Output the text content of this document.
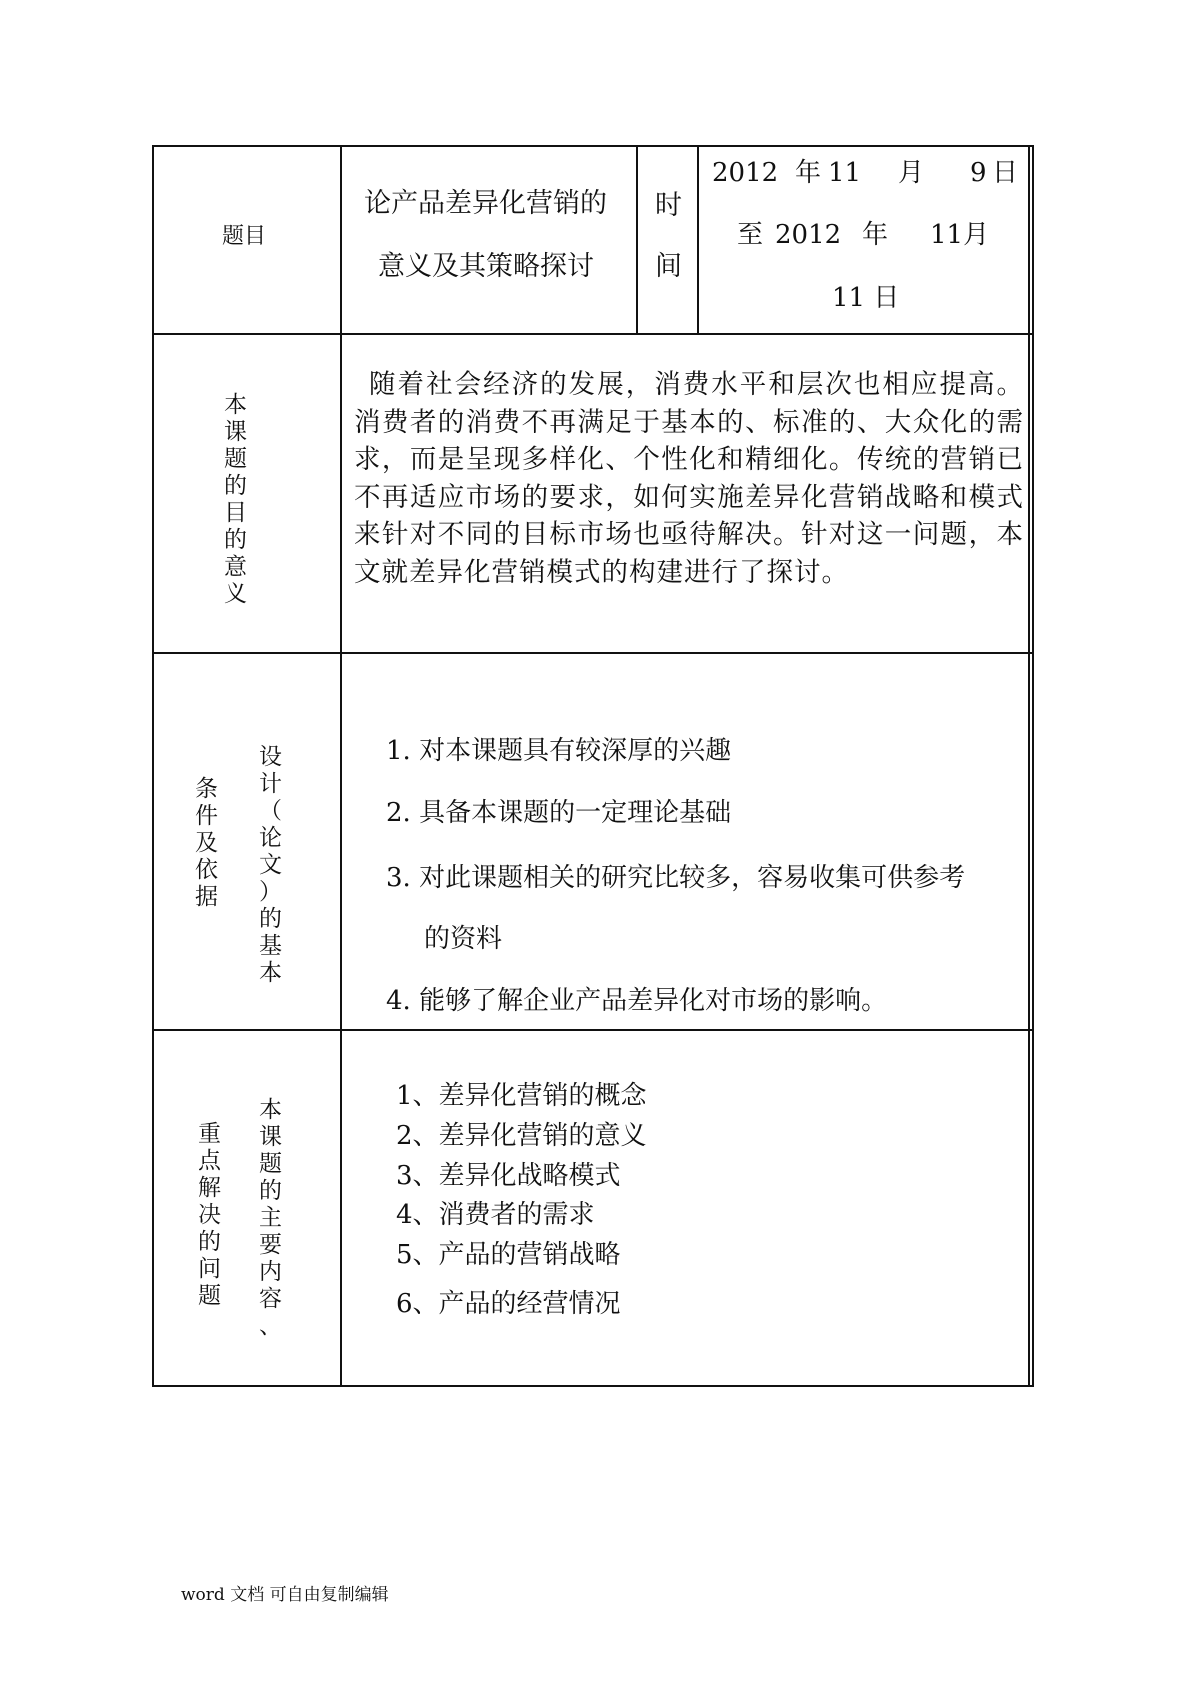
题目
论产品差异化营销的
意义及其策略探讨
时
间
2012 年 11 月 9 日
至 2012 年 11月
11 日
本
课
题
的
目
的
意
义
随着社会经济的发展，消费水平和层次也相应提高。消费者的消费不再满足于基本的、标准的、大众化的需求，而是呈现多样化、个性化和精细化。传统的营销已不再适应市场的要求，如何实施差异化营销战略和模式来针对不同的目标市场也亟待解决。针对这一问题，本文就差异化营销模式的构建进行了探讨。
条
件
及
依
据
设
计
（
论
文
）
的
基
本
1. 对本课题具有较深厚的兴趣
2. 具备本课题的一定理论基础
3. 对此课题相关的研究比较多，容易收集可供参考
的资料
4. 能够了解企业产品差异化对市场的影响。
重
点
解
决
的
问
题
本
课
题
的
主
要
内
容
、
1、差异化营销的概念
2、差异化营销的意义
3、差异化战略模式
4、消费者的需求
5、产品的营销战略
6、产品的经营情况
word 文档 可自由复制编辑
